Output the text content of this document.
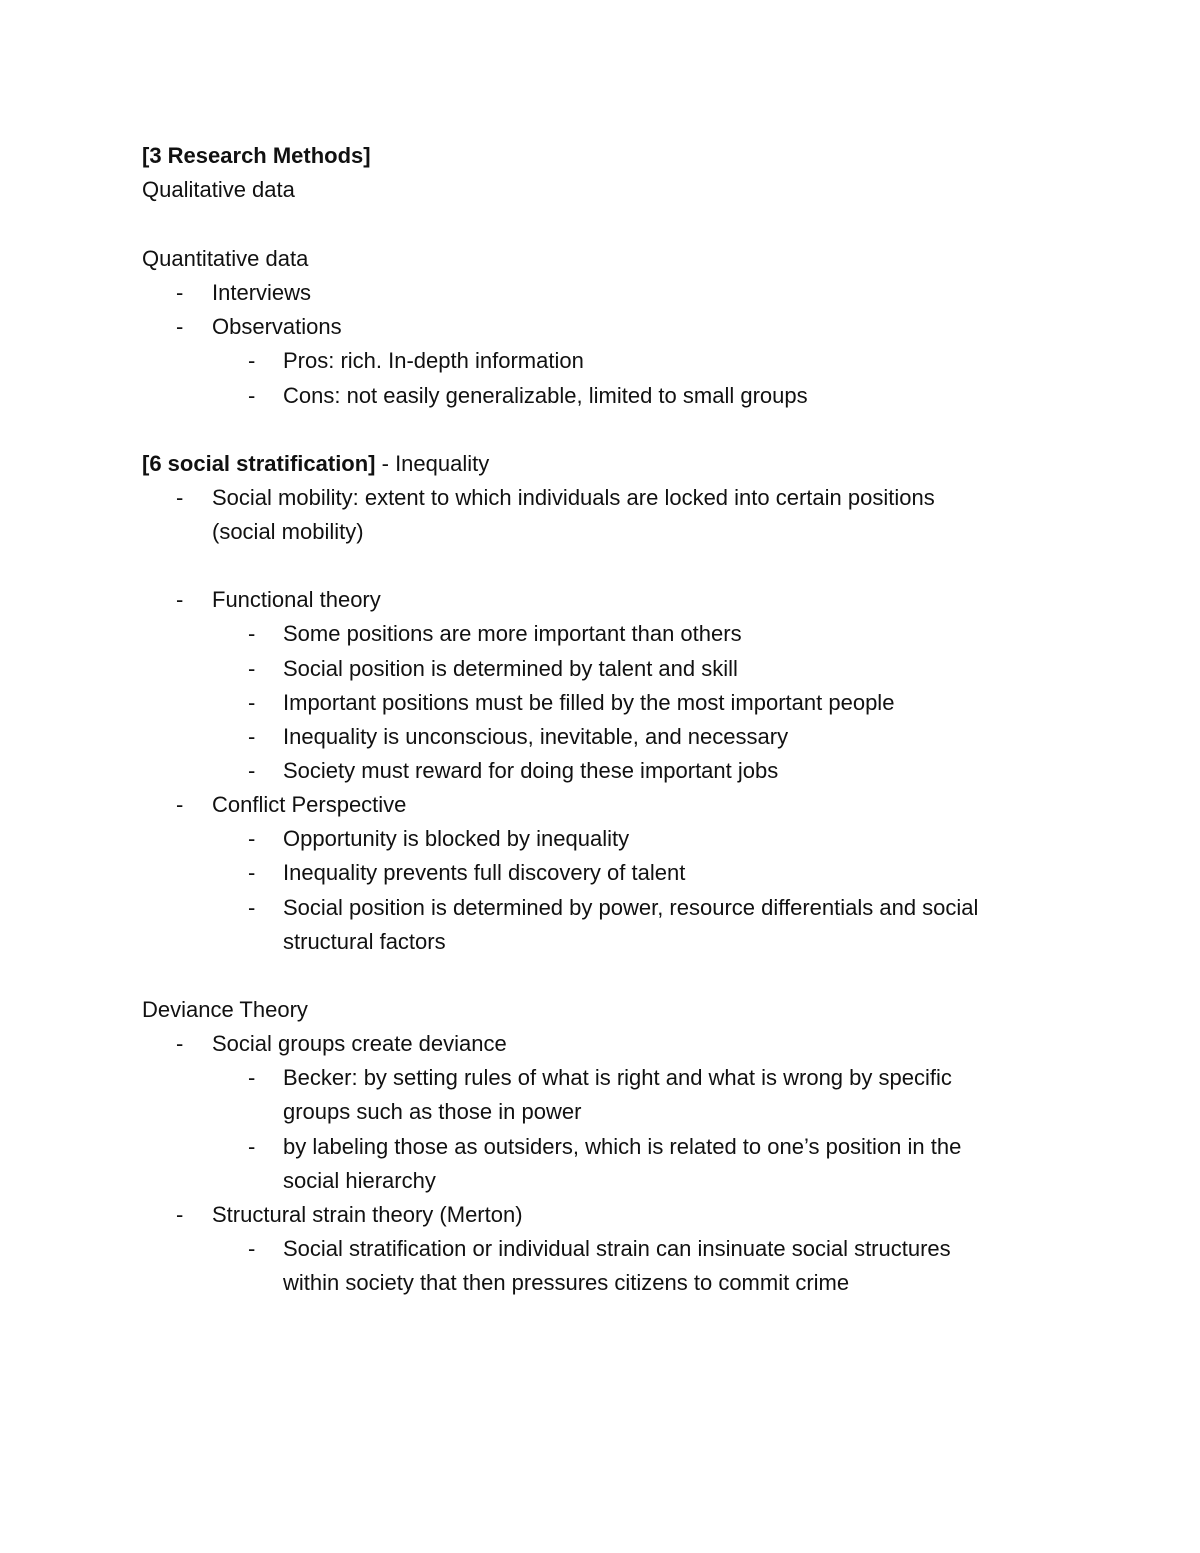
[3 Research Methods]
Qualitative data
Quantitative data
- Interviews
- Observations
- Pros: rich. In-depth information
- Cons: not easily generalizable, limited to small groups
[6 social stratification] - Inequality
- Social mobility: extent to which individuals are locked into certain positions
(social mobility)
- Functional theory
- Some positions are more important than others
- Social position is determined by talent and skill
- Important positions must be filled by the most important people
- Inequality is unconscious, inevitable, and necessary
- Society must reward for doing these important jobs
- Conflict Perspective
- Opportunity is blocked by inequality
- Inequality prevents full discovery of talent
- Social position is determined by power, resource differentials and social
structural factors
Deviance Theory
- Social groups create deviance
- Becker: by setting rules of what is right and what is wrong by specific
groups such as those in power
- by labeling those as outsiders, which is related to one’s position in the
social hierarchy
- Structural strain theory (Merton)
- Social stratification or individual strain can insinuate social structures
within society that then pressures citizens to commit crime
